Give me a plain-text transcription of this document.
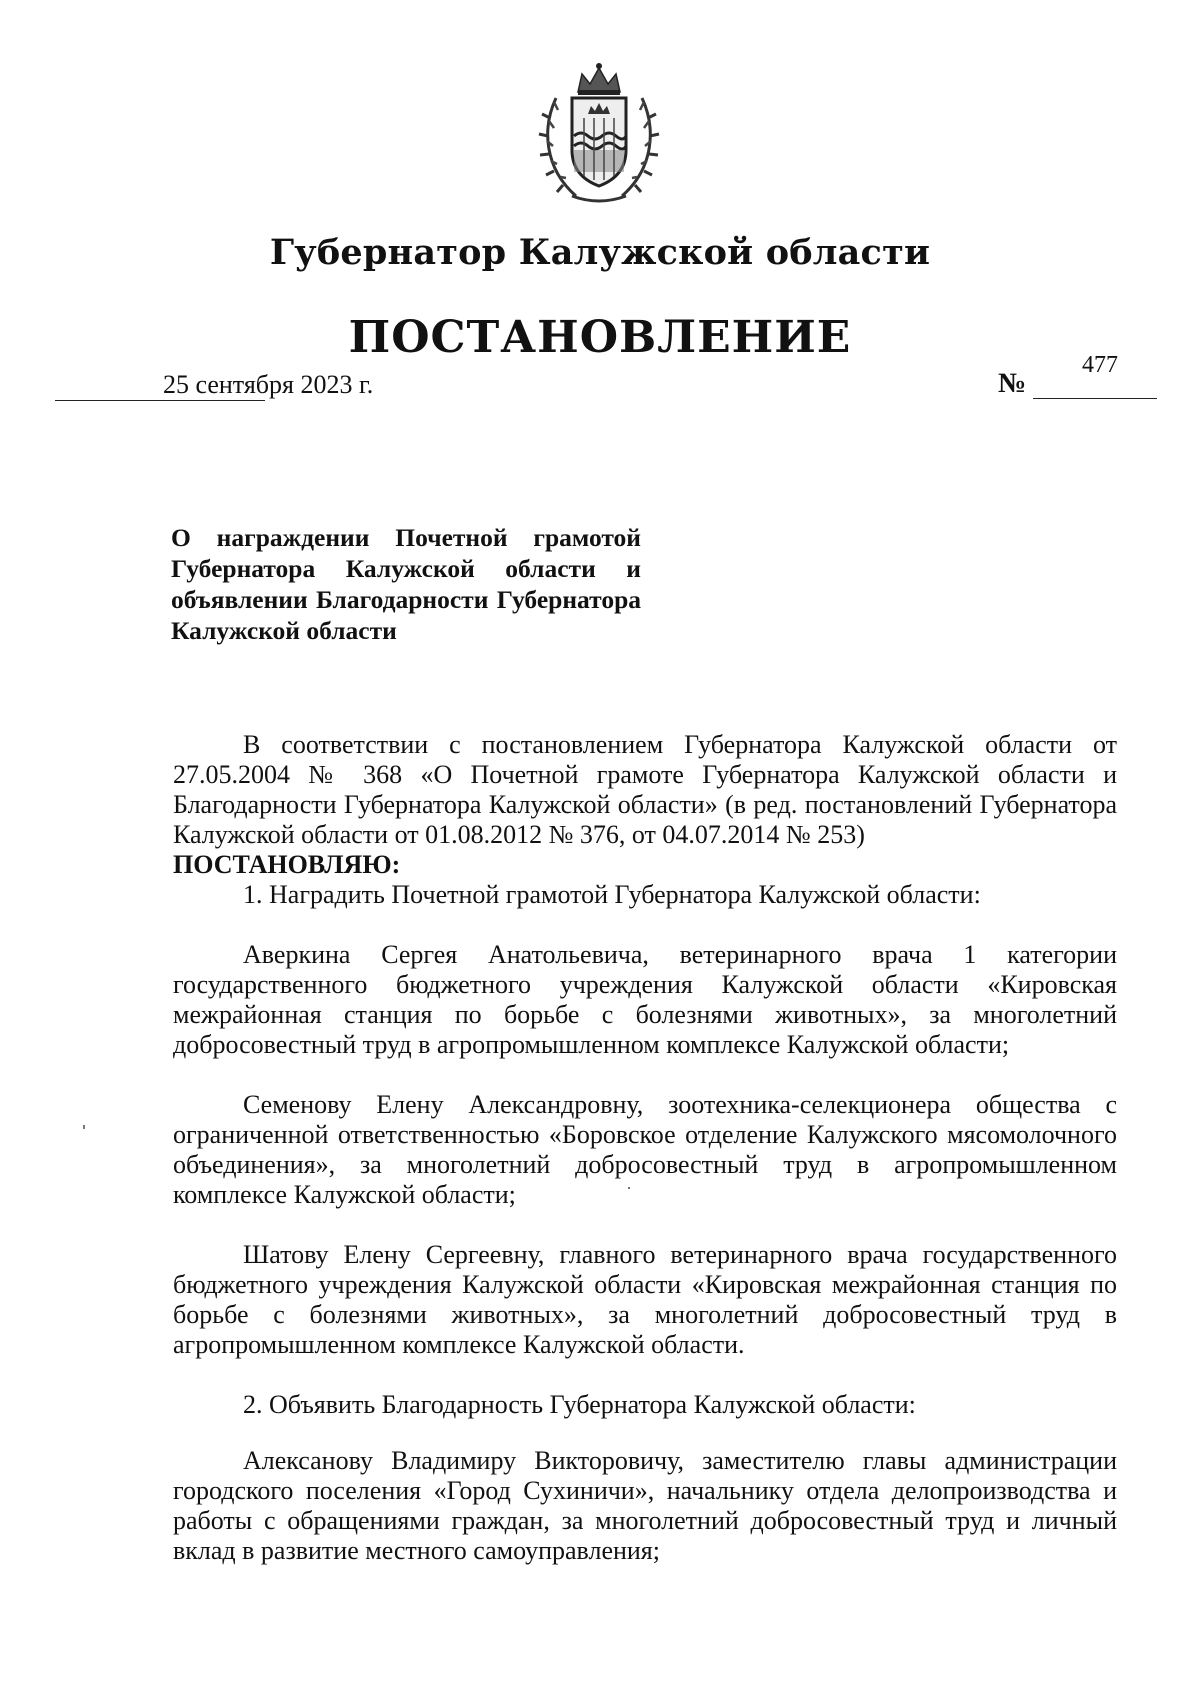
Губернатор Калужской области
ПОСТАНОВЛЕНИЕ
25 сентября 2023 г.	№
477
О награждении Почетной грамотой Губернатора Калужской области и объявлении Благодарности Губернатора Калужской области

В соответствии с постановлением Губернатора Калужской области от 27.05.2004 № 368 «О Почетной грамоте Губернатора Калужской области и Благодарности Губернатора Калужской области» (в ред. постановлений Губернатора Калужской области от 01.08.2012 № 376, от 04.07.2014 № 253)
ПОСТАНОВЛЯЮ:

1. Наградить Почетной грамотой Губернатора Калужской области:

Аверкина Сергея Анатольевича, ветеринарного врача 1 категории государственного бюджетного учреждения Калужской области «Кировская межрайонная станция по борьбе с болезнями животных», за многолетний добросовестный труд в агропромышленном комплексе Калужской области;

Семенову Елену Александровну, зоотехника-селекционера общества с ограниченной ответственностью «Боровское отделение Калужского мясомолочного объединения», за многолетний добросовестный труд в агропромышленном комплексе Калужской области;

Шатову Елену Сергеевну, главного ветеринарного врача государственного бюджетного учреждения Калужской области «Кировская межрайонная станция по борьбе с болезнями животных», за многолетний добросовестный труд в агропромышленном комплексе Калужской области.

2. Объявить Благодарность Губернатора Калужской области:

Алексанову Владимиру Викторовичу, заместителю главы администрации городского поселения «Город Сухиничи», начальнику отдела делопроизводства и работы с обращениями граждан, за многолетний добросовестный труд и личный вклад в развитие местного самоуправления;
